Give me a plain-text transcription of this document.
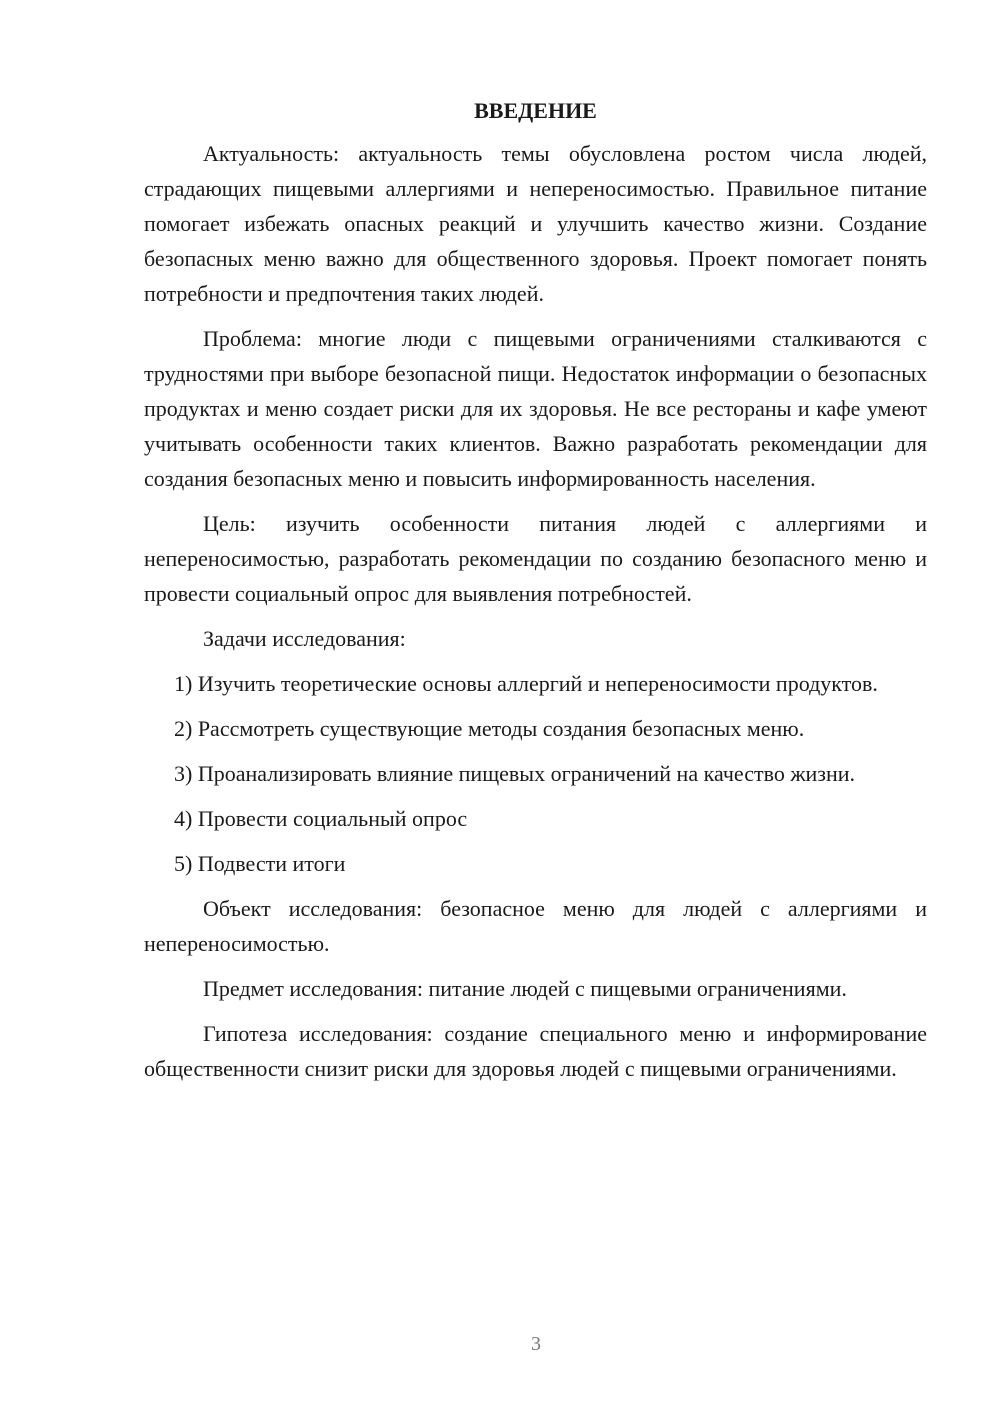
ВВЕДЕНИЕ

Актуальность: актуальность темы обусловлена ростом числа людей, страдающих пищевыми аллергиями и непереносимостью. Правильное питание помогает избежать опасных реакций и улучшить качество жизни. Создание безопасных меню важно для общественного здоровья. Проект помогает понять потребности и предпочтения таких людей.

Проблема: многие люди с пищевыми ограничениями сталкиваются с трудностями при выборе безопасной пищи. Недостаток информации о безопасных продуктах и меню создает риски для их здоровья. Не все рестораны и кафе умеют учитывать особенности таких клиентов. Важно разработать рекомендации для создания безопасных меню и повысить информированность населения.

Цель: изучить особенности питания людей с аллергиями и непереносимостью, разработать рекомендации по созданию безопасного меню и провести социальный опрос для выявления потребностей.

Задачи исследования:

1) Изучить теоретические основы аллергий и непереносимости продуктов.

2) Рассмотреть существующие методы создания безопасных меню.

3) Проанализировать влияние пищевых ограничений на качество жизни.

4) Провести социальный опрос

5) Подвести итоги

Объект исследования: безопасное меню для людей с аллергиями и непереносимостью.

Предмет исследования: питание людей с пищевыми ограничениями.

Гипотеза исследования: создание специального меню и информирование общественности снизит риски для здоровья людей с пищевыми ограничениями.

3
